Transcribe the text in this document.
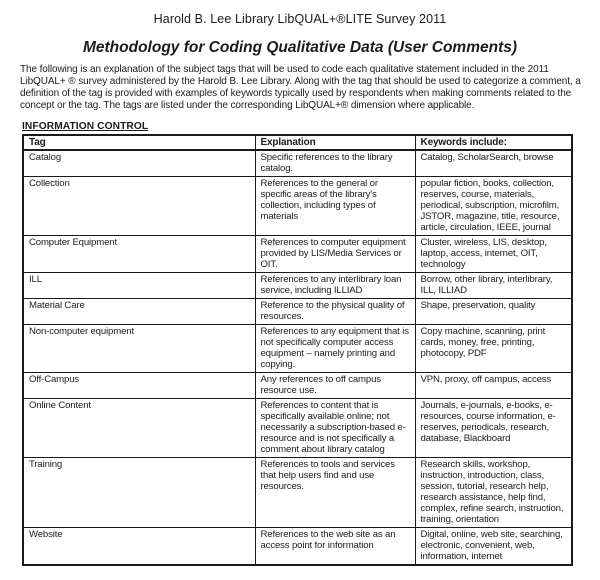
Harold B. Lee Library LibQUAL+®LITE Survey 2011
Methodology for Coding Qualitative Data (User Comments)

The following is an explanation of the subject tags that will be used to code each qualitative statement included in the 2011 LibQUAL+ ® survey administered by the Harold B. Lee Library. Along with the tag that should be used to categorize a comment, a definition of the tag is provided with examples of keywords typically used by respondents when making comments related to the concept or the tag. The tags are listed under the corresponding LibQUAL+® dimension where applicable.

INFORMATION CONTROL
Tag	Explanation	Keywords include:
Catalog	Specific references to the library catalog.	Catalog, ScholarSearch, browse
Collection	References to the general or specific areas of the library's collection, including types of materials	popular fiction, books, collection, reserves, course, materials, periodical, subscription, microfilm, JSTOR, magazine, title, resource, article, circulation, IEEE, journal
Computer Equipment	References to computer equipment provided by LIS/Media Services or OIT.	Cluster, wireless, LIS, desktop, laptop, access, internet, OIT, technology
ILL	References to any interlibrary loan service, including ILLIAD	Borrow, other library, interlibrary, ILL, ILLIAD
Material Care	Reference to the physical quality of resources.	Shape, preservation, quality
Non-computer equipment	References to any equipment that is not specifically computer access equipment – namely printing and copying.	Copy machine, scanning, print cards, money, free, printing, photocopy, PDF
Off-Campus	Any references to off campus resource use.	VPN, proxy, off campus, access
Online Content	References to content that is specifically available online; not necessarily a subscription-based e-resource and is not specifically a comment about library catalog	Journals, e-journals, e-books, e-resources, course information, e-reserves, periodicals, research, database, Blackboard
Training	References to tools and services that help users find and use resources.	Research skills, workshop, instruction, introduction, class, session, tutorial, research help, research assistance, help find, complex, refine search, instruction, training, orientation
Website	References to the web site as an access point for information	Digital, online, web site, searching, electronic, convenient, web, information, internet
